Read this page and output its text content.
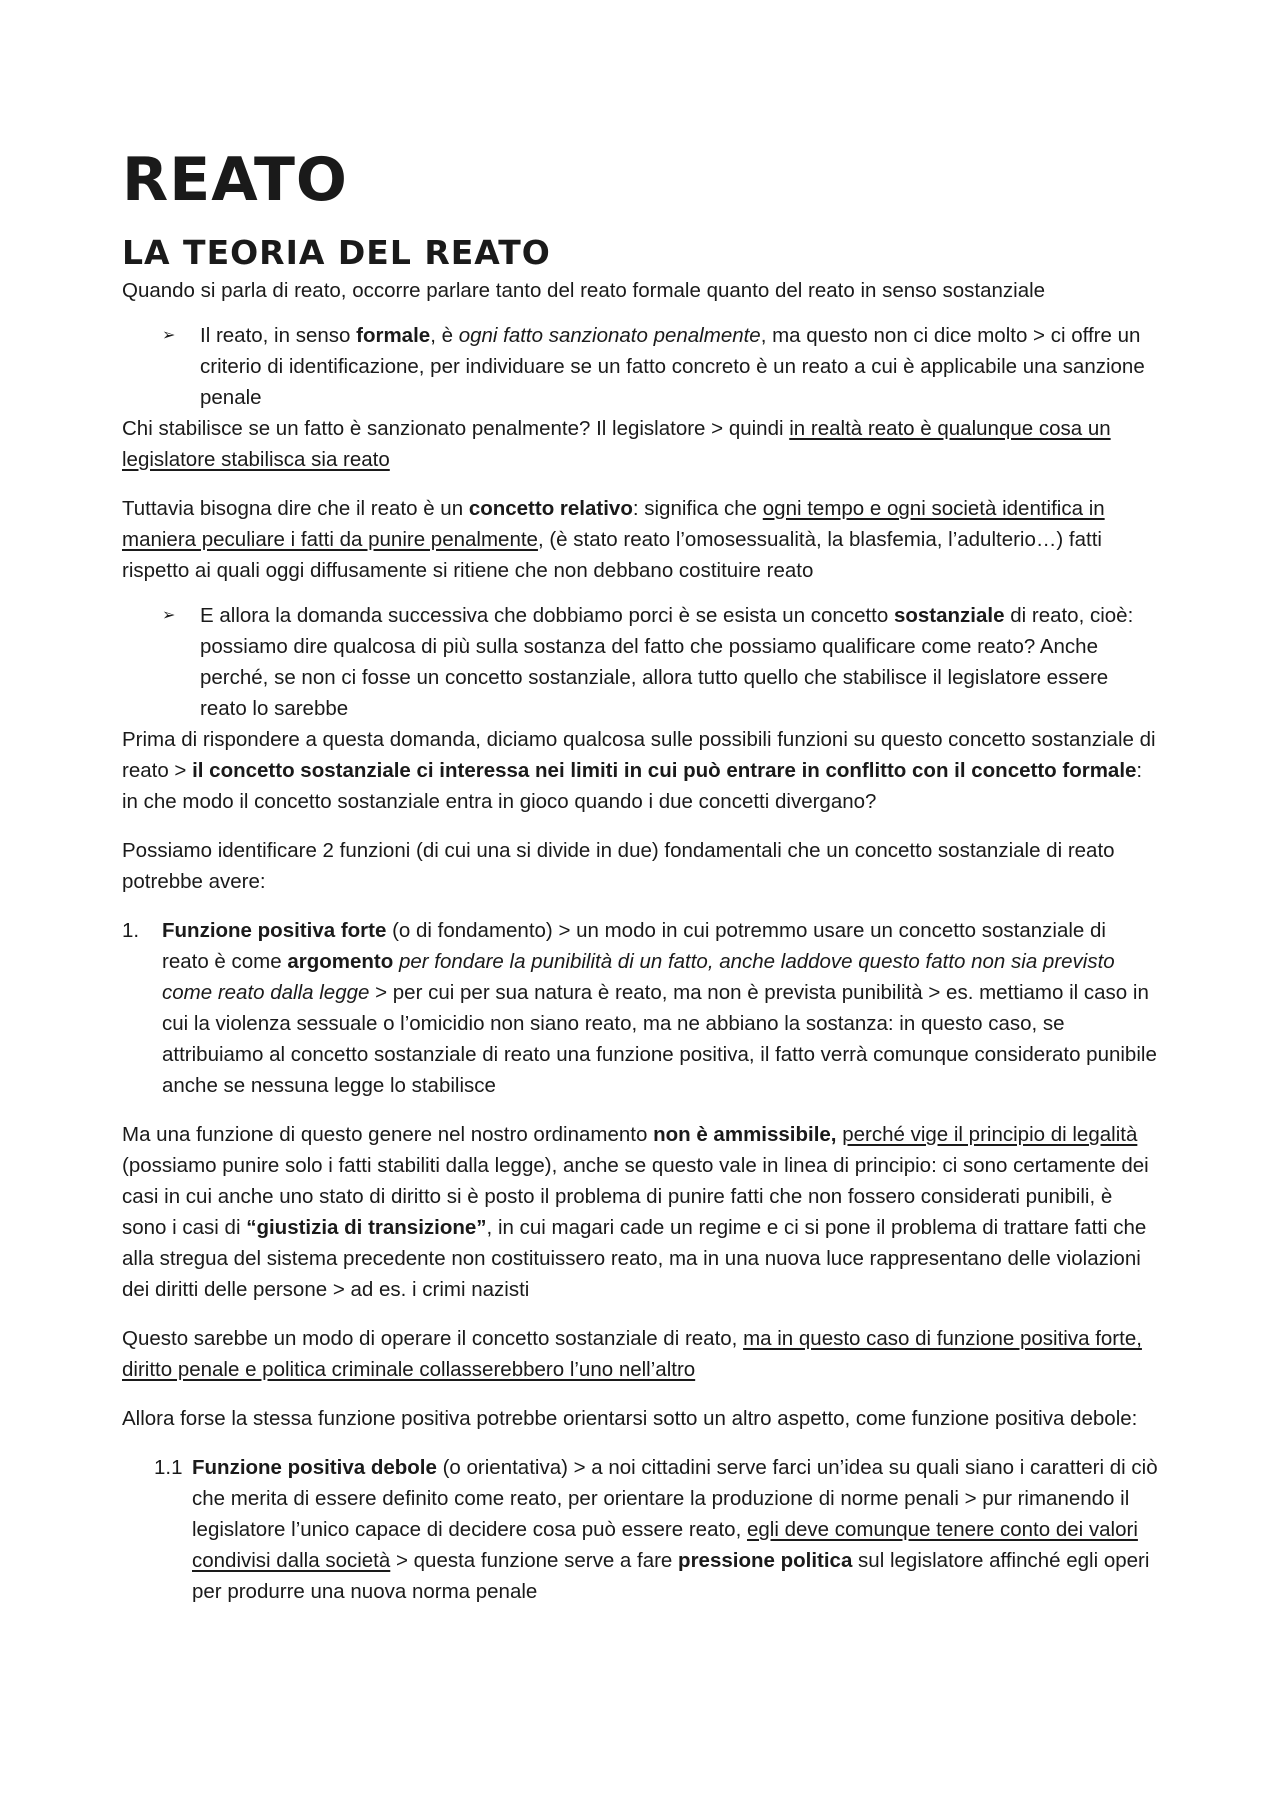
REATO
LA TEORIA DEL REATO

Quando si parla di reato, occorre parlare tanto del reato formale quanto del reato in senso sostanziale

➢ Il reato, in senso formale, è ogni fatto sanzionato penalmente, ma questo non ci dice molto > ci offre un criterio di identificazione, per individuare se un fatto concreto è un reato a cui è applicabile una sanzione penale

Chi stabilisce se un fatto è sanzionato penalmente? Il legislatore > quindi in realtà reato è qualunque cosa un legislatore stabilisca sia reato

Tuttavia bisogna dire che il reato è un concetto relativo: significa che ogni tempo e ogni società identifica in maniera peculiare i fatti da punire penalmente, (è stato reato l’omosessualità, la blasfemia, l’adulterio…) fatti rispetto ai quali oggi diffusamente si ritiene che non debbano costituire reato

➢ E allora la domanda successiva che dobbiamo porci è se esista un concetto sostanziale di reato, cioè: possiamo dire qualcosa di più sulla sostanza del fatto che possiamo qualificare come reato? Anche perché, se non ci fosse un concetto sostanziale, allora tutto quello che stabilisce il legislatore essere reato lo sarebbe

Prima di rispondere a questa domanda, diciamo qualcosa sulle possibili funzioni su questo concetto sostanziale di reato > il concetto sostanziale ci interessa nei limiti in cui può entrare in conflitto con il concetto formale: in che modo il concetto sostanziale entra in gioco quando i due concetti divergano?

Possiamo identificare 2 funzioni (di cui una si divide in due) fondamentali che un concetto sostanziale di reato potrebbe avere:

1. Funzione positiva forte (o di fondamento) > un modo in cui potremmo usare un concetto sostanziale di reato è come argomento per fondare la punibilità di un fatto, anche laddove questo fatto non sia previsto come reato dalla legge > per cui per sua natura è reato, ma non è prevista punibilità > es. mettiamo il caso in cui la violenza sessuale o l’omicidio non siano reato, ma ne abbiano la sostanza: in questo caso, se attribuiamo al concetto sostanziale di reato una funzione positiva, il fatto verrà comunque considerato punibile anche se nessuna legge lo stabilisce

Ma una funzione di questo genere nel nostro ordinamento non è ammissibile, perché vige il principio di legalità (possiamo punire solo i fatti stabiliti dalla legge), anche se questo vale in linea di principio: ci sono certamente dei casi in cui anche uno stato di diritto si è posto il problema di punire fatti che non fossero considerati punibili, è sono i casi di “giustizia di transizione”, in cui magari cade un regime e ci si pone il problema di trattare fatti che alla stregua del sistema precedente non costituissero reato, ma in una nuova luce rappresentano delle violazioni dei diritti delle persone > ad es. i crimi nazisti

Questo sarebbe un modo di operare il concetto sostanziale di reato, ma in questo caso di funzione positiva forte, diritto penale e politica criminale collasserebbero l’uno nell’altro

Allora forse la stessa funzione positiva potrebbe orientarsi sotto un altro aspetto, come funzione positiva debole:

1.1 Funzione positiva debole (o orientativa) > a noi cittadini serve farci un’idea su quali siano i caratteri di ciò che merita di essere definito come reato, per orientare la produzione di norme penali > pur rimanendo il legislatore l’unico capace di decidere cosa può essere reato, egli deve comunque tenere conto dei valori condivisi dalla società > questa funzione serve a fare pressione politica sul legislatore affinché egli operi per produrre una nuova norma penale
